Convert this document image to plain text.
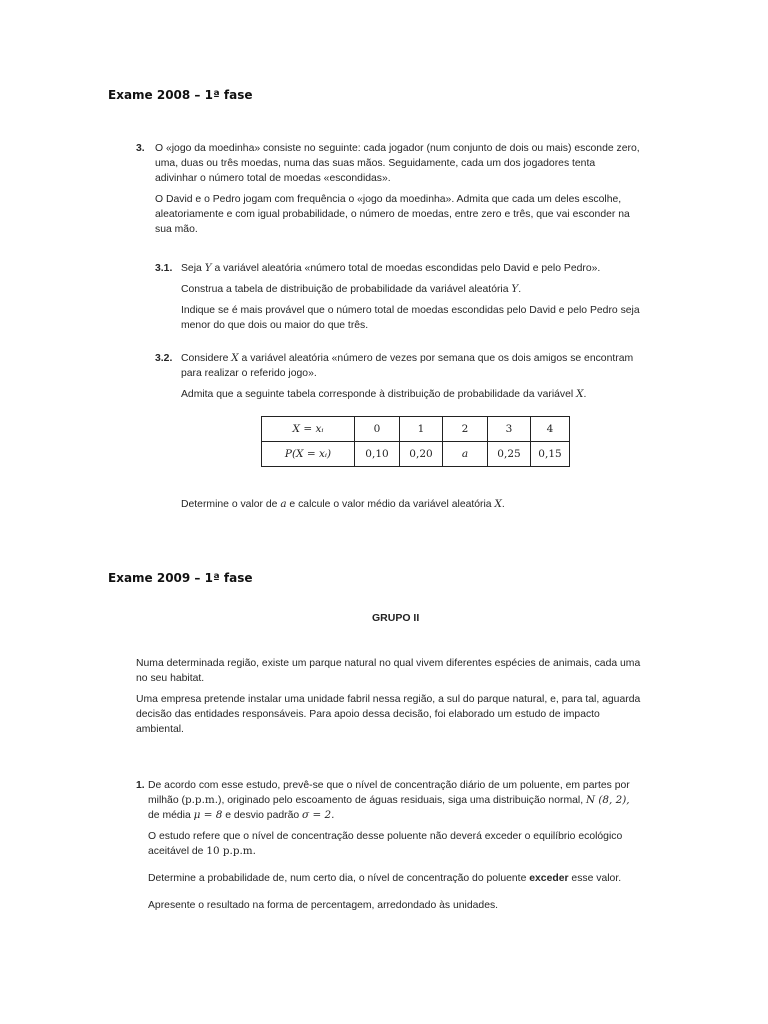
Exame 2008 – 1ª fase
3. O «jogo da moedinha» consiste no seguinte: cada jogador (num conjunto de dois ou mais) esconde zero, uma, duas ou três moedas, numa das suas mãos. Seguidamente, cada um dos jogadores tenta adivinhar o número total de moedas «escondidas».

O David e o Pedro jogam com frequência o «jogo da moedinha». Admita que cada um deles escolhe, aleatoriamente e com igual probabilidade, o número de moedas, entre zero e três, que vai esconder na sua mão.

3.1. Seja Y a variável aleatória «número total de moedas escondidas pelo David e pelo Pedro».

Construa a tabela de distribuição de probabilidade da variável aleatória Y.

Indique se é mais provável que o número total de moedas escondidas pelo David e pelo Pedro seja menor do que dois ou maior do que três.

3.2. Considere X a variável aleatória «número de vezes por semana que os dois amigos se encontram para realizar o referido jogo».

Admita que a seguinte tabela corresponde à distribuição de probabilidade da variável X.

X = xᵢ	0	1	2	3	4
P(X = xᵢ)	0,10	0,20	a	0,25	0,15
Determine o valor de a e calcule o valor médio da variável aleatória X.
Exame 2009 – 1ª fase
GRUPO II

Numa determinada região, existe um parque natural no qual vivem diferentes espécies de animais, cada uma no seu habitat.

Uma empresa pretende instalar uma unidade fabril nessa região, a sul do parque natural, e, para tal, aguarda decisão das entidades responsáveis. Para apoio dessa decisão, foi elaborado um estudo de impacto ambiental.

1. De acordo com esse estudo, prevê-se que o nível de concentração diário de um poluente, em partes por
milhão (p.p.m.), originado pelo escoamento de águas residuais, siga uma distribuição normal, N (8, 2),
de média μ = 8 e desvio padrão σ = 2.

O estudo refere que o nível de concentração desse poluente não deverá exceder o equilíbrio ecológico aceitável de 10 p.p.m.

Determine a probabilidade de, num certo dia, o nível de concentração do poluente exceder esse valor.

Apresente o resultado na forma de percentagem, arredondado às unidades.
